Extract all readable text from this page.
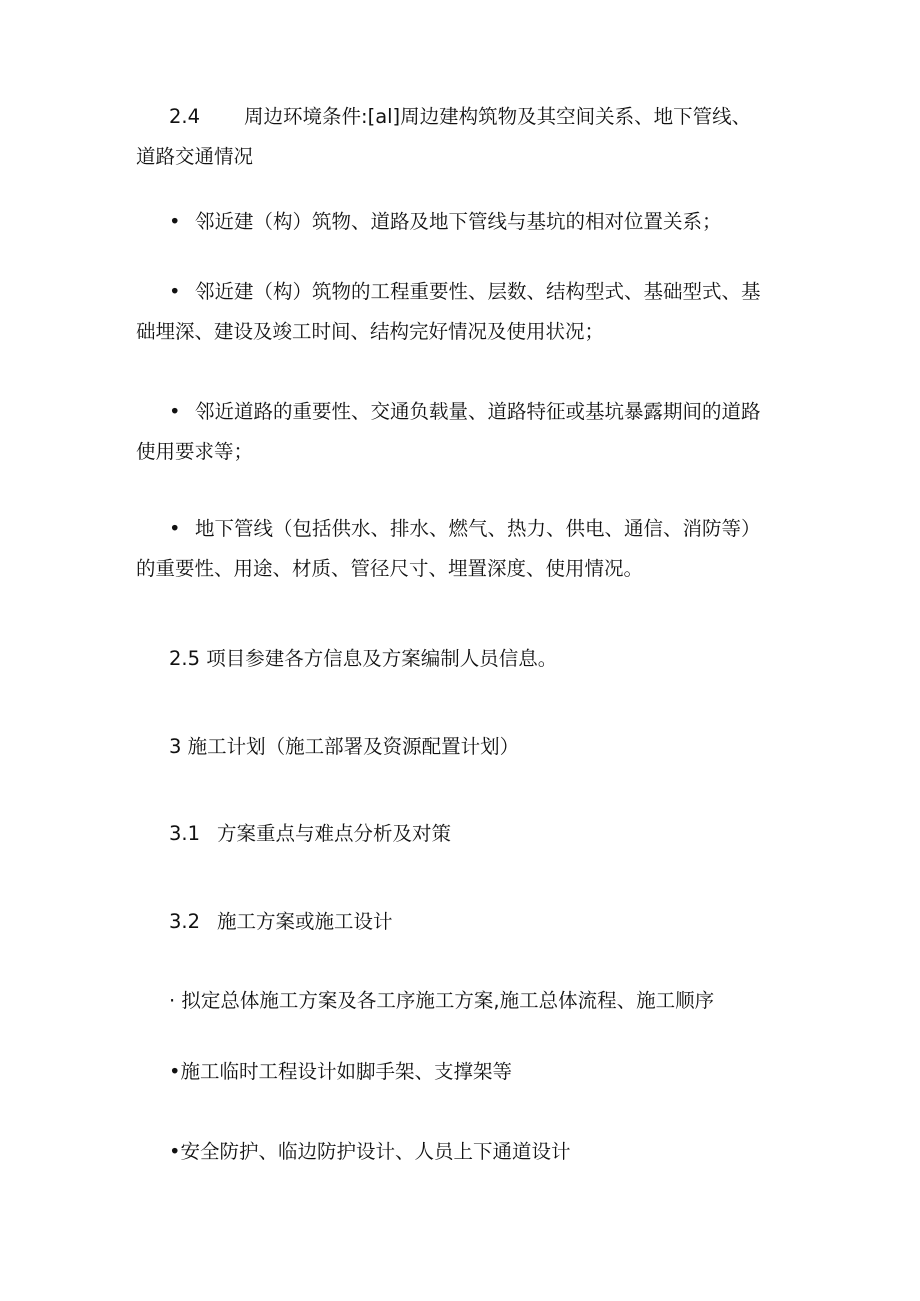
2.4 周边环境条件:[al]周边建构筑物及其空间关系、地下管线、
道路交通情况
• 邻近建（构）筑物、道路及地下管线与基坑的相对位置关系；
• 邻近建（构）筑物的工程重要性、层数、结构型式、基础型式、基
础埋深、建设及竣工时间、结构完好情况及使用状况；
• 邻近道路的重要性、交通负载量、道路特征或基坑暴露期间的道路
使用要求等；
• 地下管线（包括供水、排水、燃气、热力、供电、通信、消防等）
的重要性、用途、材质、管径尺寸、埋置深度、使用情况。
2.5 项目参建各方信息及方案编制人员信息。
3 施工计划（施工部署及资源配置计划）
3.1 方案重点与难点分析及对策
3.2 施工方案或施工设计
· 拟定总体施工方案及各工序施工方案,施工总体流程、施工顺序
•施工临时工程设计如脚手架、支撑架等
•安全防护、临边防护设计、人员上下通道设计
